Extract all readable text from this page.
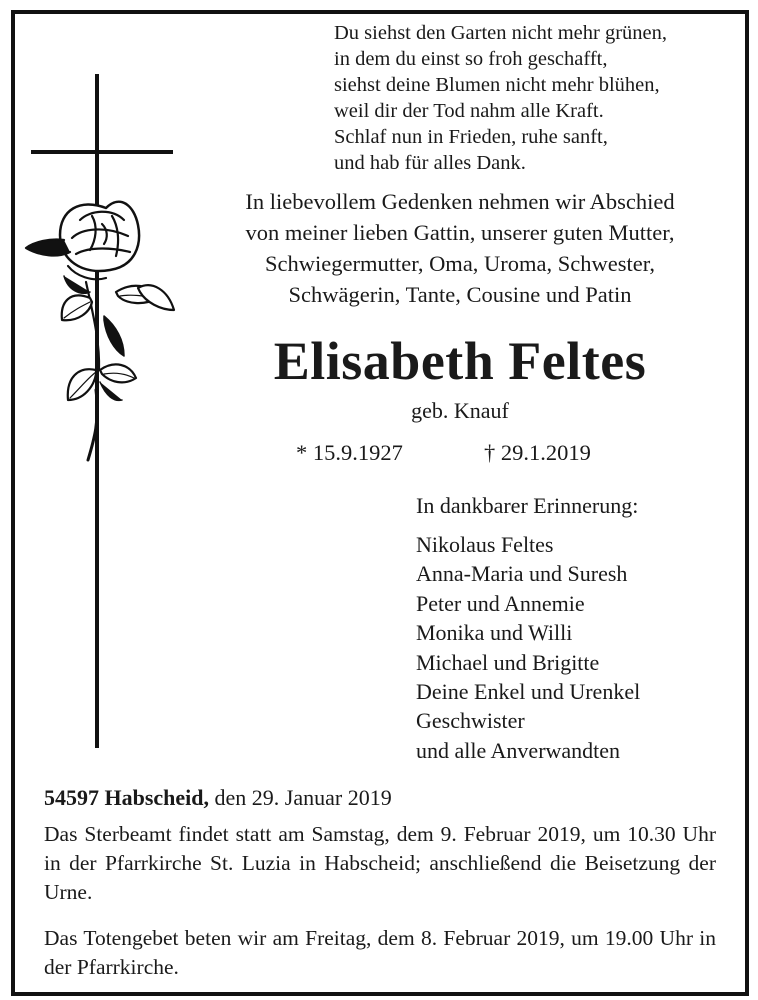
Du siehst den Garten nicht mehr grünen,
in dem du einst so froh geschafft,
siehst deine Blumen nicht mehr blühen,
weil dir der Tod nahm alle Kraft.
Schlaf nun in Frieden, ruhe sanft,
und hab für alles Dank.
In liebevollem Gedenken nehmen wir Abschied
von meiner lieben Gattin, unserer guten Mutter,
Schwiegermutter, Oma, Uroma, Schwester,
Schwägerin, Tante, Cousine und Patin
Elisabeth Feltes
geb. Knauf
* 15.9.1927	† 29.1.2019
In dankbarer Erinnerung:
Nikolaus Feltes
Anna-Maria und Suresh
Peter und Annemie
Monika und Willi
Michael und Brigitte
Deine Enkel und Urenkel
Geschwister
und alle Anverwandten
54597 Habscheid, den 29. Januar 2019
Das Sterbeamt findet statt am Samstag, dem 9. Februar 2019, um 10.30 Uhr in der Pfarrkirche St. Luzia in Habscheid; anschließend die Beisetzung der Urne.
Das Totengebet beten wir am Freitag, dem 8. Februar 2019, um 19.00 Uhr in der Pfarrkirche.
